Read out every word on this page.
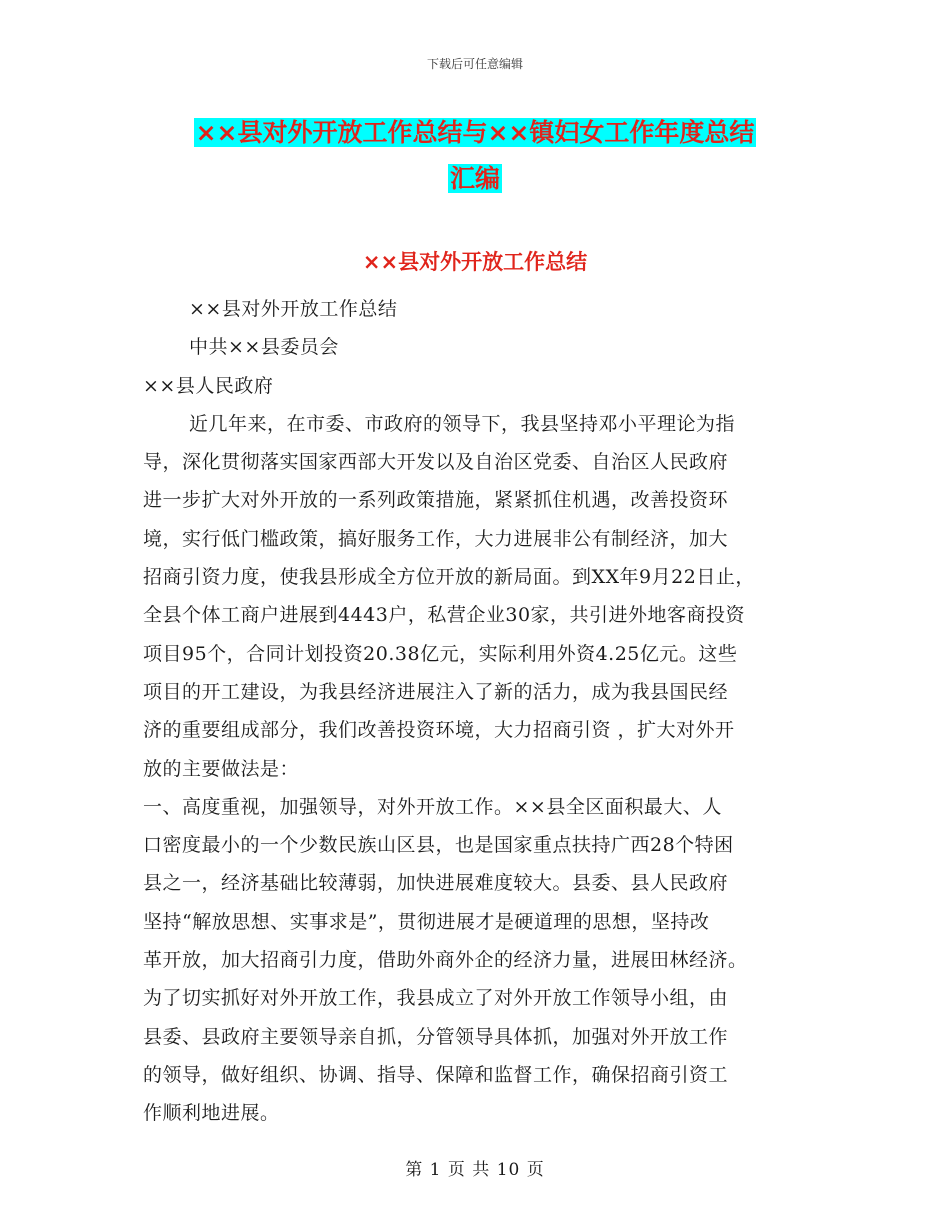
下载后可任意编辑
××县对外开放工作总结与××镇妇女工作年度总结
汇编
××县对外开放工作总结
××县对外开放工作总结
中共××县委员会
××县人民政府
近几年来，在市委、市政府的领导下，我县坚持邓小平理论为指
导，深化贯彻落实国家西部大开发以及自治区党委、自治区人民政府
进一步扩大对外开放的一系列政策措施，紧紧抓住机遇，改善投资环
境，实行低门槛政策，搞好服务工作，大力进展非公有制经济，加大
招商引资力度，使我县形成全方位开放的新局面。到XX年9月22日止，
全县个体工商户进展到4443户，私营企业30家，共引进外地客商投资
项目95个，合同计划投资20.38亿元，实际利用外资4.25亿元。这些
项目的开工建设，为我县经济进展注入了新的活力，成为我县国民经
济的重要组成部分，我们改善投资环境，大力招商引资 ，扩大对外开
放的主要做法是：
一、高度重视，加强领导，对外开放工作。××县全区面积最大、人
口密度最小的一个少数民族山区县，也是国家重点扶持广西28个特困
县之一，经济基础比较薄弱，加快进展难度较大。县委、县人民政府
坚持“解放思想、实事求是”，贯彻进展才是硬道理的思想，坚持改
革开放，加大招商引力度，借助外商外企的经济力量，进展田林经济。
为了切实抓好对外开放工作，我县成立了对外开放工作领导小组，由
县委、县政府主要领导亲自抓，分管领导具体抓，加强对外开放工作
的领导，做好组织、协调、指导、保障和监督工作，确保招商引资工
作顺利地进展。
第 1 页 共 10 页
